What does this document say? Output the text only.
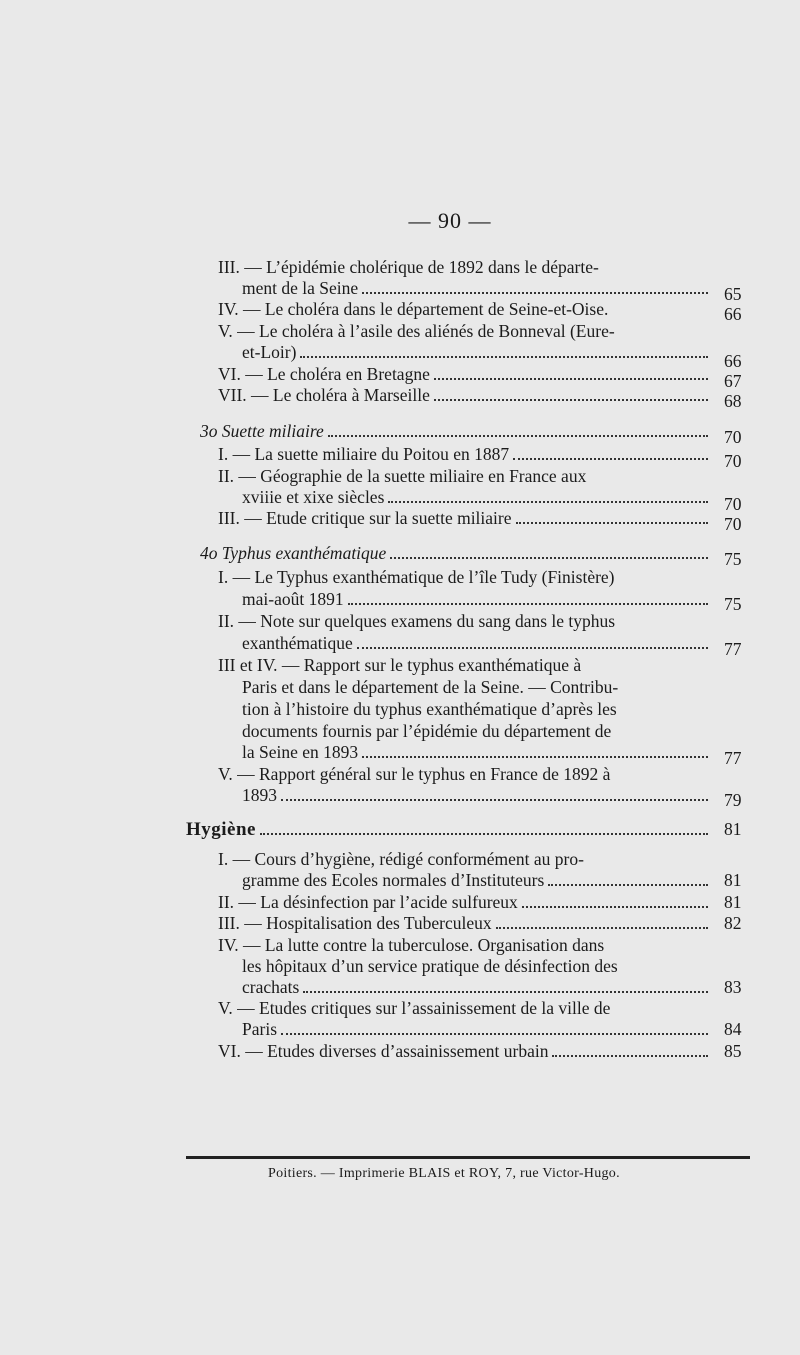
— 90 —
III. — L’épidémie cholérique de 1892 dans le départe-
ment de la Seine	65
IV. — Le choléra dans le département de Seine-et-Oise.	66
V. — Le choléra à l’asile des aliénés de Bonneval (Eure-
et-Loir)	66
VI. — Le choléra en Bretagne	67
VII. — Le choléra à Marseille	68
3o Suette miliaire	70
I. — La suette miliaire du Poitou en 1887	70
II. — Géographie de la suette miliaire en France aux
xviiie et xixe siècles	70
III. — Etude critique sur la suette miliaire	70
4o Typhus exanthématique	75
I. — Le Typhus exanthématique de l’île Tudy (Finistère)
mai-août 1891	75
II. — Note sur quelques examens du sang dans le typhus
exanthématique	77
III et IV. — Rapport sur le typhus exanthématique à
Paris et dans le département de la Seine. — Contribu-
tion à l’histoire du typhus exanthématique d’après les
documents fournis par l’épidémie du département de
la Seine en 1893	77
V. — Rapport général sur le typhus en France de 1892 à
1893	79
Hygiène	81
I. — Cours d’hygiène, rédigé conformément au pro-
gramme des Ecoles normales d’Instituteurs	81
II. — La désinfection par l’acide sulfureux	81
III. — Hospitalisation des Tuberculeux	82
IV. — La lutte contre la tuberculose. Organisation dans
les hôpitaux d’un service pratique de désinfection des
crachats	83
V. — Etudes critiques sur l’assainissement de la ville de
Paris	84
VI. — Etudes diverses d’assainissement urbain	85
Poitiers. — Imprimerie BLAIS et ROY, 7, rue Victor-Hugo.
